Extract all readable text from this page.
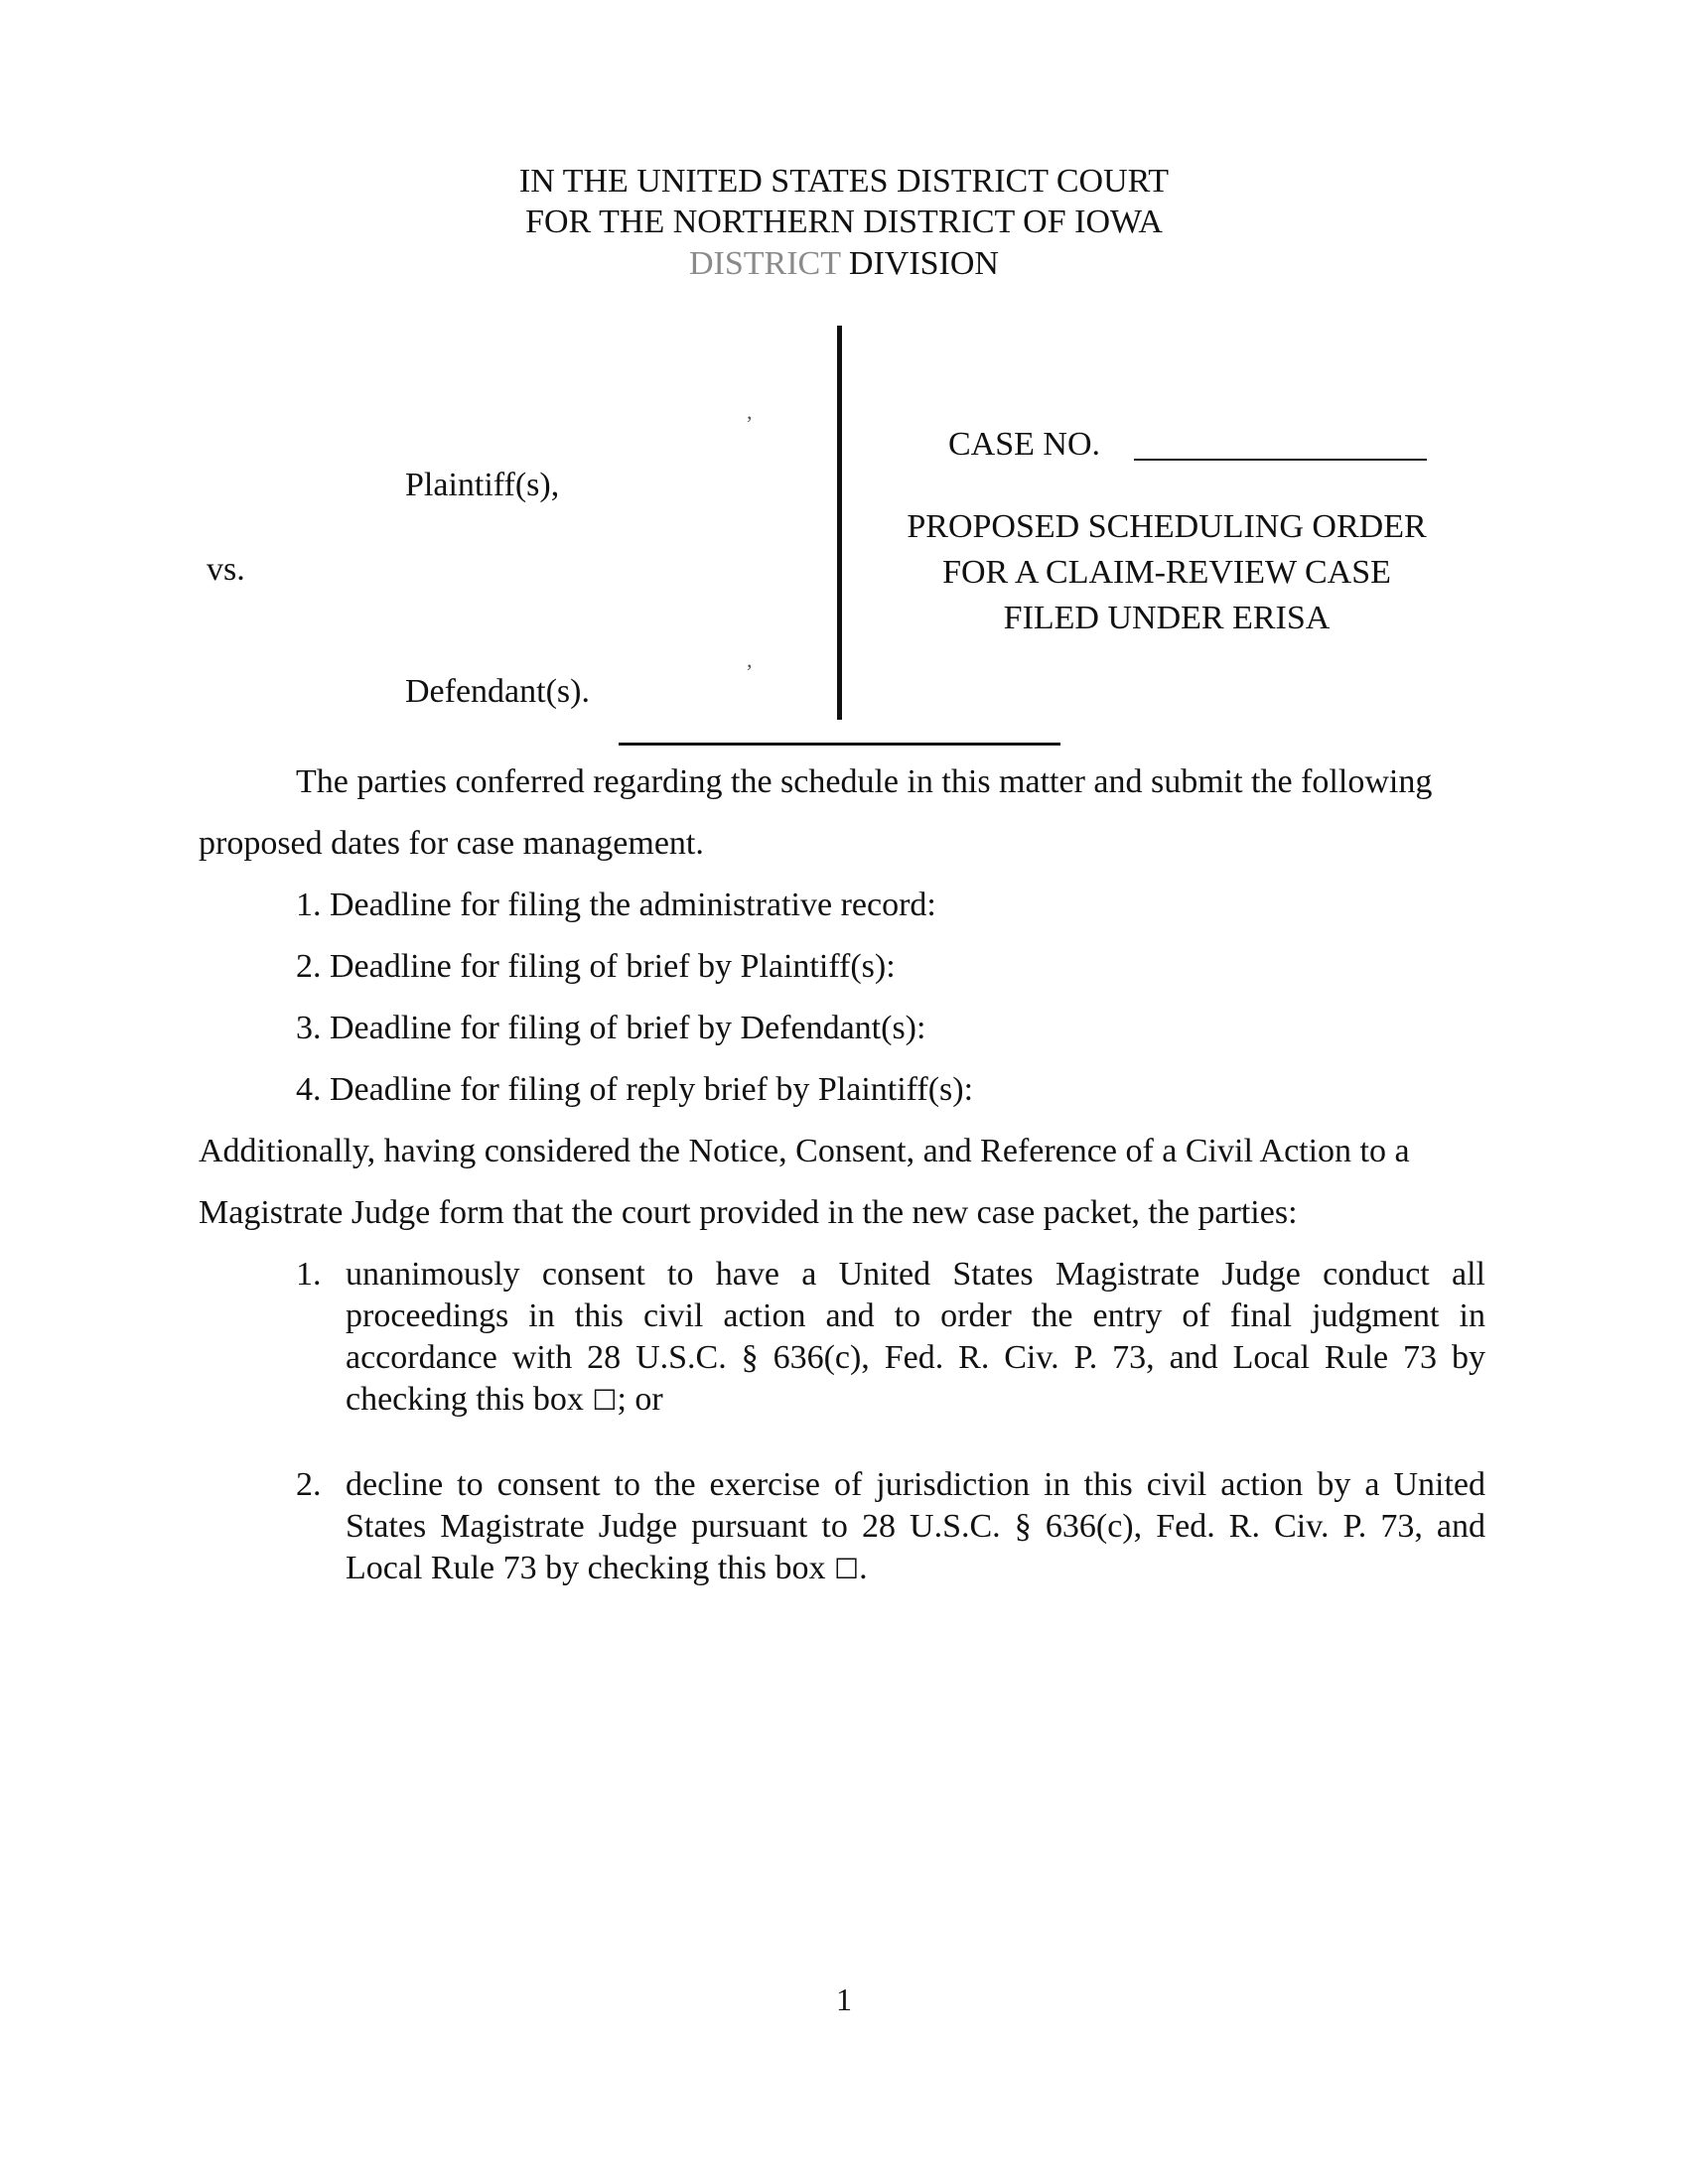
IN THE UNITED STATES DISTRICT COURT
FOR THE NORTHERN DISTRICT OF IOWA
DISTRICT DIVISION
,
Plaintiff(s),
vs.
,
Defendant(s).
CASE NO.
PROPOSED SCHEDULING ORDER
FOR A CLAIM-REVIEW CASE
FILED UNDER ERISA
The parties conferred regarding the schedule in this matter and submit the following
proposed dates for case management.
1. Deadline for filing the administrative record:
2. Deadline for filing of brief by Plaintiff(s):
3. Deadline for filing of brief by Defendant(s):
4. Deadline for filing of reply brief by Plaintiff(s):
Additionally, having considered the Notice, Consent, and Reference of a Civil Action to a
Magistrate Judge form that the court provided in the new case packet, the parties:
1. unanimously consent to have a United States Magistrate Judge conduct all proceedings in this civil action and to order the entry of final judgment in accordance with 28 U.S.C. § 636(c), Fed. R. Civ. P. 73, and Local Rule 73 by checking this box ☐; or
2. decline to consent to the exercise of jurisdiction in this civil action by a United States Magistrate Judge pursuant to 28 U.S.C. § 636(c), Fed. R. Civ. P. 73, and Local Rule 73 by checking this box ☐.
1
